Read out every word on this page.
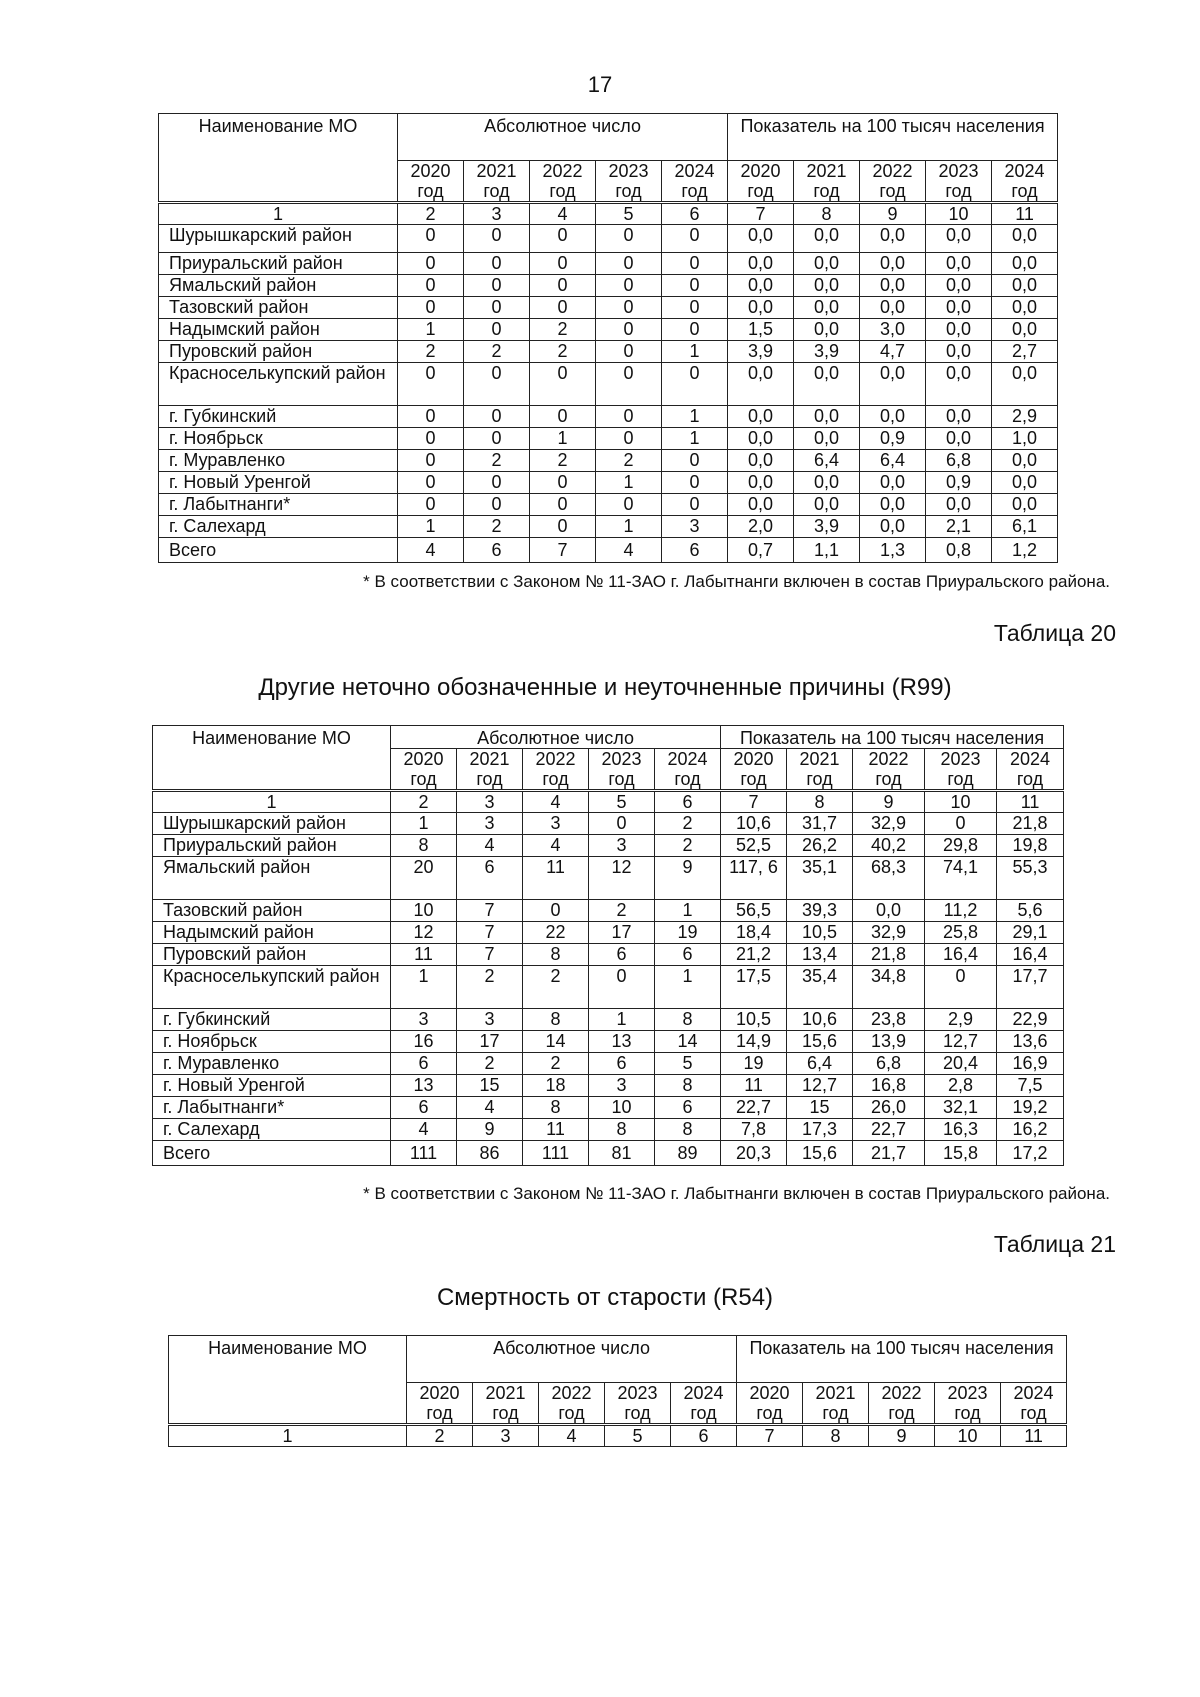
17
Наименование МО	Абсолютное число					Показатель на 100 тысяч населения				
	2020 год	2021 год	2022 год	2023 год	2024 год	2020 год	2021 год	2022 год	2023 год	2024 год
1	2	3	4	5	6	7	8	9	10	11
Шурышкарский район	0	0	0	0	0	0,0	0,0	0,0	0,0	0,0
Приуральский район	0	0	0	0	0	0,0	0,0	0,0	0,0	0,0
Ямальский район	0	0	0	0	0	0,0	0,0	0,0	0,0	0,0
Тазовский район	0	0	0	0	0	0,0	0,0	0,0	0,0	0,0
Надымский район	1	0	2	0	0	1,5	0,0	3,0	0,0	0,0
Пуровский район	2	2	2	0	1	3,9	3,9	4,7	0,0	2,7
Красноселькупский район	0	0	0	0	0	0,0	0,0	0,0	0,0	0,0
г. Губкинский	0	0	0	0	1	0,0	0,0	0,0	0,0	2,9
г. Ноябрьск	0	0	1	0	1	0,0	0,0	0,9	0,0	1,0
г. Муравленко	0	2	2	2	0	0,0	6,4	6,4	6,8	0,0
г. Новый Уренгой	0	0	0	1	0	0,0	0,0	0,0	0,9	0,0
г. Лабытнанги*	0	0	0	0	0	0,0	0,0	0,0	0,0	0,0
г. Салехард	1	2	0	1	3	2,0	3,9	0,0	2,1	6,1
Всего	4	6	7	4	6	0,7	1,1	1,3	0,8	1,2
* В соответствии с Законом № 11-ЗАО г. Лабытнанги включен в состав Приуральского района.
Таблица 20
Другие неточно обозначенные и неуточненные причины (R99)
Наименование МО	Абсолютное число					Показатель на 100 тысяч населения				
	2020 год	2021 год	2022 год	2023 год	2024 год	2020 год	2021 год	2022 год	2023 год	2024 год
1	2	3	4	5	6	7	8	9	10	11
Шурышкарский район	1	3	3	0	2	10,6	31,7	32,9	0	21,8
Приуральский район	8	4	4	3	2	52,5	26,2	40,2	29,8	19,8
Ямальский район	20	6	11	12	9	117, 6	35,1	68,3	74,1	55,3
Тазовский район	10	7	0	2	1	56,5	39,3	0,0	11,2	5,6
Надымский район	12	7	22	17	19	18,4	10,5	32,9	25,8	29,1
Пуровский район	11	7	8	6	6	21,2	13,4	21,8	16,4	16,4
Красноселькупский район	1	2	2	0	1	17,5	35,4	34,8	0	17,7
г. Губкинский	3	3	8	1	8	10,5	10,6	23,8	2,9	22,9
г. Ноябрьск	16	17	14	13	14	14,9	15,6	13,9	12,7	13,6
г. Муравленко	6	2	2	6	5	19	6,4	6,8	20,4	16,9
г. Новый Уренгой	13	15	18	3	8	11	12,7	16,8	2,8	7,5
г. Лабытнанги*	6	4	8	10	6	22,7	15	26,0	32,1	19,2
г. Салехард	4	9	11	8	8	7,8	17,3	22,7	16,3	16,2
Всего	111	86	111	81	89	20,3	15,6	21,7	15,8	17,2
* В соответствии с Законом № 11-ЗАО г. Лабытнанги включен в состав Приуральского района.
Таблица 21
Смертность от старости (R54)
Наименование МО	Абсолютное число					Показатель на 100 тысяч населения				
	2020 год	2021 год	2022 год	2023 год	2024 год	2020 год	2021 год	2022 год	2023 год	2024 год
1	2	3	4	5	6	7	8	9	10	11
